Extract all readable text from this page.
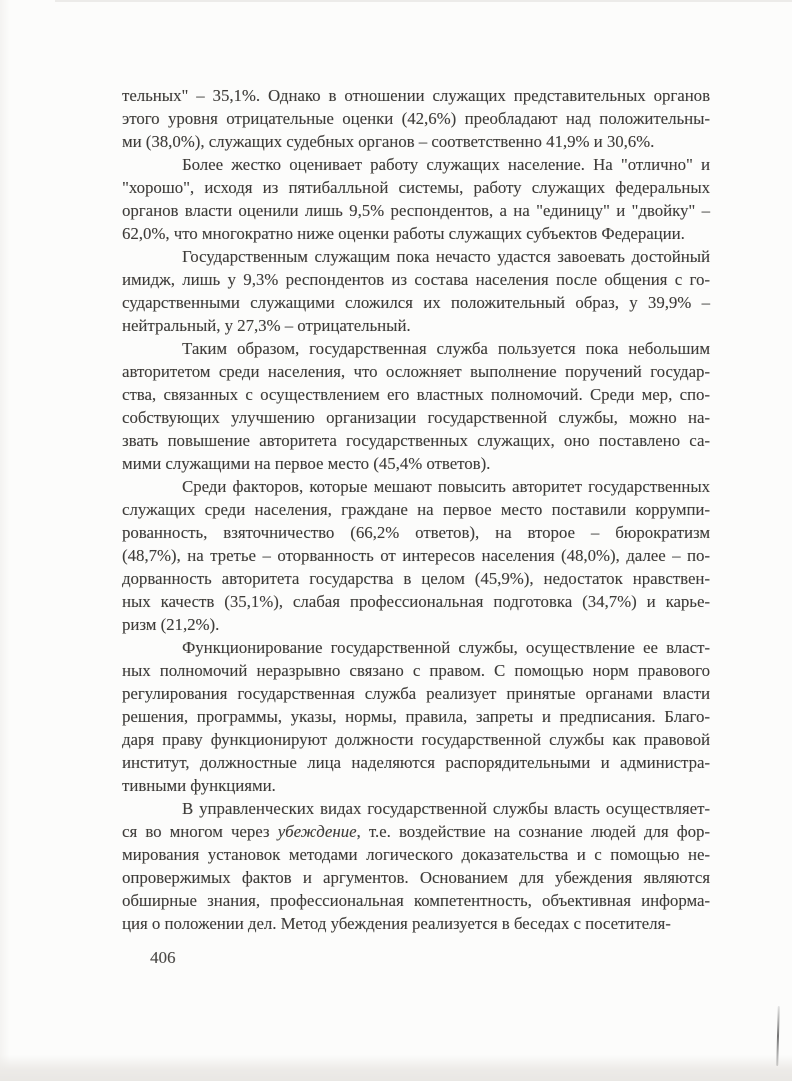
тельных" – 35,1%. Однако в отношении служащих представительных органов
этого уровня отрицательные оценки (42,6%) преобладают над положительны-
ми (38,0%), служащих судебных органов – соответственно 41,9% и 30,6%.
Более жестко оценивает работу служащих население. На "отлично" и
"хорошо", исходя из пятибалльной системы, работу служащих федеральных
органов власти оценили лишь 9,5% респондентов, а на "единицу" и "двойку" –
62,0%, что многократно ниже оценки работы служащих субъектов Федерации.
Государственным служащим пока нечасто удастся завоевать достойный
имидж, лишь у 9,3% респондентов из состава населения после общения с го-
сударственными служащими сложился их положительный образ, у 39,9% –
нейтральный, у 27,3% – отрицательный.
Таким образом, государственная служба пользуется пока небольшим
авторитетом среди населения, что осложняет выполнение поручений государ-
ства, связанных с осуществлением его властных полномочий. Среди мер, спо-
собствующих улучшению организации государственной службы, можно на-
звать повышение авторитета государственных служащих, оно поставлено са-
мими служащими на первое место (45,4% ответов).
Среди факторов, которые мешают повысить авторитет государственных
служащих среди населения, граждане на первое место поставили коррумпи-
рованность, взяточничество (66,2% ответов), на второе – бюрократизм
(48,7%), на третье – оторванность от интересов населения (48,0%), далее – по-
дорванность авторитета государства в целом (45,9%), недостаток нравствен-
ных качеств (35,1%), слабая профессиональная подготовка (34,7%) и карье-
ризм (21,2%).
Функционирование государственной службы, осуществление ее власт-
ных полномочий неразрывно связано с правом. С помощью норм правового
регулирования государственная служба реализует принятые органами власти
решения, программы, указы, нормы, правила, запреты и предписания. Благо-
даря праву функционируют должности государственной службы как правовой
институт, должностные лица наделяются распорядительными и администра-
тивными функциями.
В управленческих видах государственной службы власть осуществляет-
ся во многом через убеждение, т.е. воздействие на сознание людей для фор-
мирования установок методами логического доказательства и с помощью не-
опровержимых фактов и аргументов. Основанием для убеждения являются
обширные знания, профессиональная компетентность, объективная информа-
ция о положении дел. Метод убеждения реализуется в беседах с посетителя-
406
